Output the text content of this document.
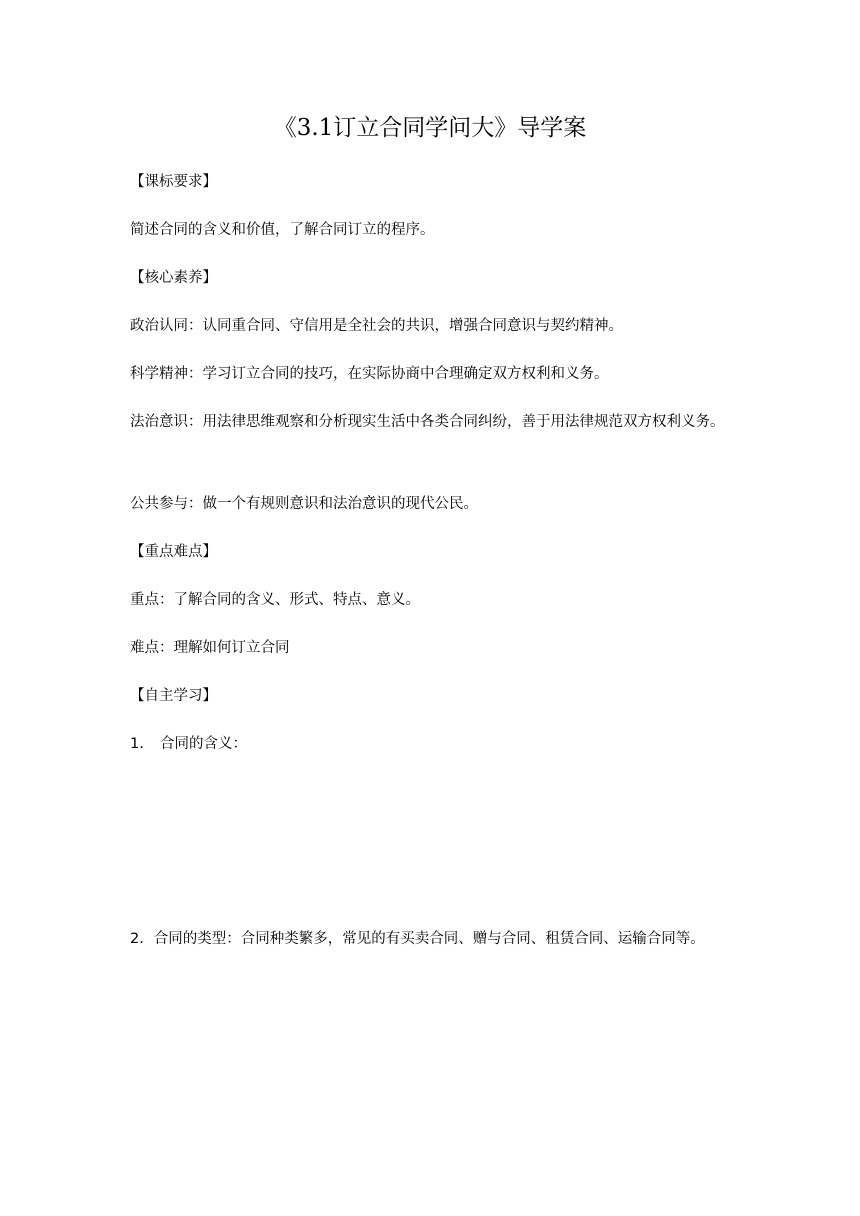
《3.1订立合同学问大》导学案
【课标要求】
简述合同的含义和价值，了解合同订立的程序。
【核心素养】
政治认同：认同重合同、守信用是全社会的共识，增强合同意识与契约精神。
科学精神：学习订立合同的技巧，在实际协商中合理确定双方权利和义务。
法治意识：用法律思维观察和分析现实生活中各类合同纠纷，善于用法律规范双方权利义务。
公共参与：做一个有规则意识和法治意识的现代公民。
【重点难点】
重点：了解合同的含义、形式、特点、意义。
难点：理解如何订立合同
【自主学习】
1. 合同的含义：
2．合同的类型：合同种类繁多，常见的有买卖合同、赠与合同、租赁合同、运输合同等。
